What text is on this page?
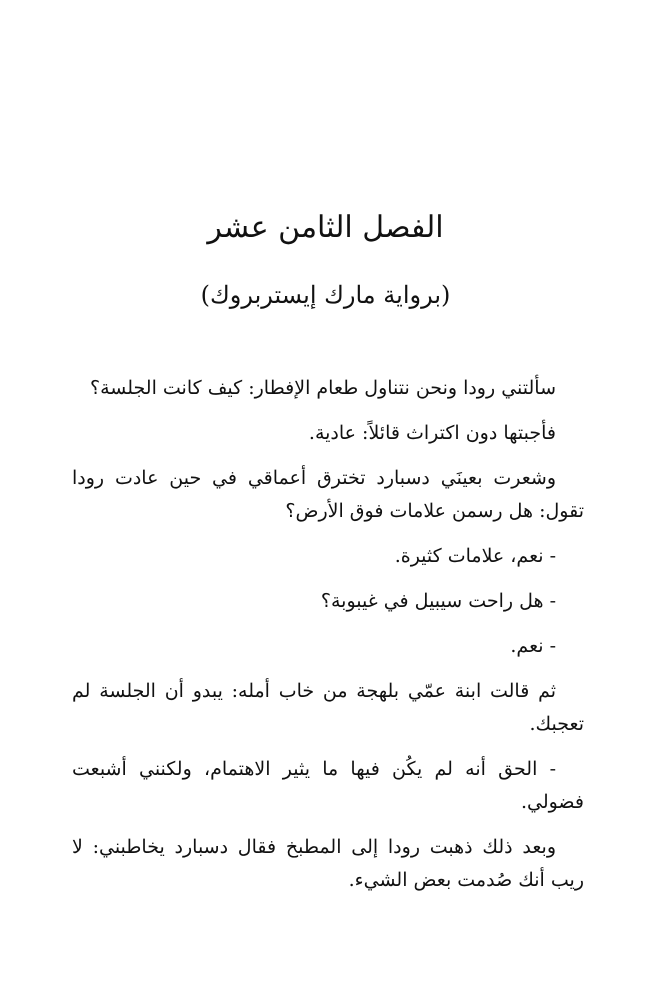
الفصل الثامن عشر
(برواية مارك إيستربروك)

سألتني رودا ونحن نتناول طعام الإفطار: كيف كانت الجلسة؟

فأجبتها دون اكتراث قائلاً: عادية.

وشعرت بعينَي دسبارد تخترق أعماقي في حين عادت رودا تقول: هل رسمن علامات فوق الأرض؟

- نعم، علامات كثيرة.

- هل راحت سيبيل في غيبوبة؟

- نعم.

ثم قالت ابنة عمّي بلهجة من خاب أمله: يبدو أن الجلسة لم تعجبك.

- الحق أنه لم يكُن فيها ما يثير الاهتمام، ولكنني أشبعت فضولي.

وبعد ذلك ذهبت رودا إلى المطبخ فقال دسبارد يخاطبني: لا ريب أنك صُدمت بعض الشيء.
